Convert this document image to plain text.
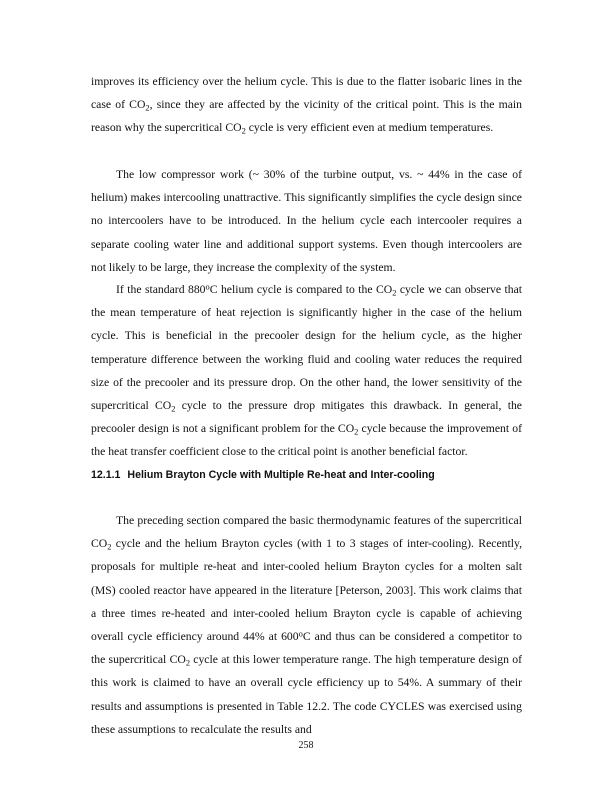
improves its efficiency over the helium cycle. This is due to the flatter isobaric lines in the case of $CO_2$, since they are affected by the vicinity of the critical point. This is the main reason why the supercritical $CO_2$ cycle is very efficient even at medium temperatures.

The low compressor work (~ 30% of the turbine output, vs. ~ 44% in the case of helium) makes intercooling unattractive. This significantly simplifies the cycle design since no intercoolers have to be introduced. In the helium cycle each intercooler requires a separate cooling water line and additional support systems. Even though intercoolers are not likely to be large, they increase the complexity of the system.

If the standard 880$^o$C helium cycle is compared to the $CO_2$ cycle we can observe that the mean temperature of heat rejection is significantly higher in the case of the helium cycle. This is beneficial in the precooler design for the helium cycle, as the higher temperature difference between the working fluid and cooling water reduces the required size of the precooler and its pressure drop. On the other hand, the lower sensitivity of the supercritical $CO_2$ cycle to the pressure drop mitigates this drawback. In general, the precooler design is not a significant problem for the $CO_2$ cycle because the improvement of the heat transfer coefficient close to the critical point is another beneficial factor.

12.1.1 Helium Brayton Cycle with Multiple Re-heat and Inter-cooling

The preceding section compared the basic thermodynamic features of the supercritical $CO_2$ cycle and the helium Brayton cycles (with 1 to 3 stages of inter-cooling). Recently, proposals for multiple re-heat and inter-cooled helium Brayton cycles for a molten salt (MS) cooled reactor have appeared in the literature [Peterson, 2003]. This work claims that a three times re-heated and inter-cooled helium Brayton cycle is capable of achieving overall cycle efficiency around 44% at 600$^o$C and thus can be considered a competitor to the supercritical $CO_2$ cycle at this lower temperature range. The high temperature design of this work is claimed to have an overall cycle efficiency up to 54%. A summary of their results and assumptions is presented in Table 12.2. The code CYCLES was exercised using these assumptions to recalculate the results and

258
